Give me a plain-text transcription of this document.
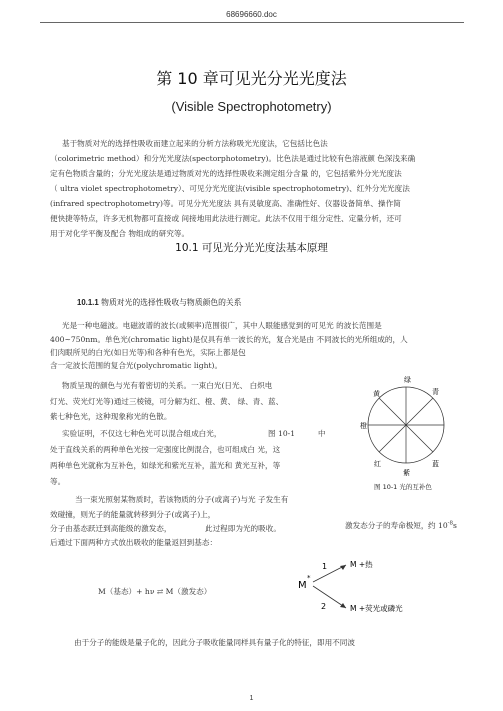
68696660.doc
第 10 章可见光分光光度法
(Visible Spectrophotometry)
基于物质对光的选择性吸收而建立起来的分析方法称吸光光度法，它包括比色法
（colorimetric method）和分光光度法(spectorphotometry)。比色法是通过比较有色溶液颜 色深浅来确
定有色物质含量的；分光光度法是通过物质对光的选择性吸收来测定组分含量 的，它包括紫外分光光度法
（ ultra violet spectrophotometry）、可见分光光度法(visible spectrophotometry)、红外分光光度法
(infrared spectrophotometry)等。可见分光光度法 具有灵敏度高、准确性好、仪器设备简单、操作简
便快捷等特点，许多无机物都可直接或 间接地用此法进行测定。此法不仅用于组分定性、定量分析，还可
用于对化学平衡及配合 物组成的研究等。
10.1 可见光分光光度法基本原理
10.1.1 物质对光的选择性吸收与物质颜色的关系
光是一种电磁波。电磁波谱的波长(或频率)范围很广，其中人眼能感觉到的可见光 的波长范围是
400~750nm。单色光(chromatic light)是仅具有单一波长的光，复合光是由 不同波长的光所组成的，人
们肉眼所见的白光(如日光等)和各种有色光，实际上都是包
含一定波长范围的复合光(polychromatic light)。
物质呈现的颜色与光有着密切的关系。一束白光(日光、 白炽电
灯光、荧光灯光等)通过三棱镜，可分解为红、橙、黄、 绿、青、蓝、
紫七种色光，这种现象称光的色散。
实验证明，不仅这七种色光可以混合组成白光，	图 10-1	中
处于直线关系的两种单色光按一定强度比例混合，也可组成白 光，这
两种单色光就称为互补色，如绿光和紫光互补，蓝光和 黄光互补，等
等。
绿
黄
橙
红
紫
蓝
青
图 10-1 光的互补色
当一束光照射某物质时，若该物质的分子(或离子)与光 子发生有
效碰撞，则光子的能量就转移到分子(或离子)上，
分子由基态跃迁到高能级的激发态，	此过程即为光的吸收。	激发态分子的寿命极短， 约 $10^{-8}s$
后通过下面两种方式放出吸收的能量返回到基态：
M（基态）+ hν ⇄ M（激发态）
M
*
1	M +热
2	M +荧光或磷光
由于分子的能级是量子化的，因此分子吸收能量同样具有量子化的特征，即用不同波
1
